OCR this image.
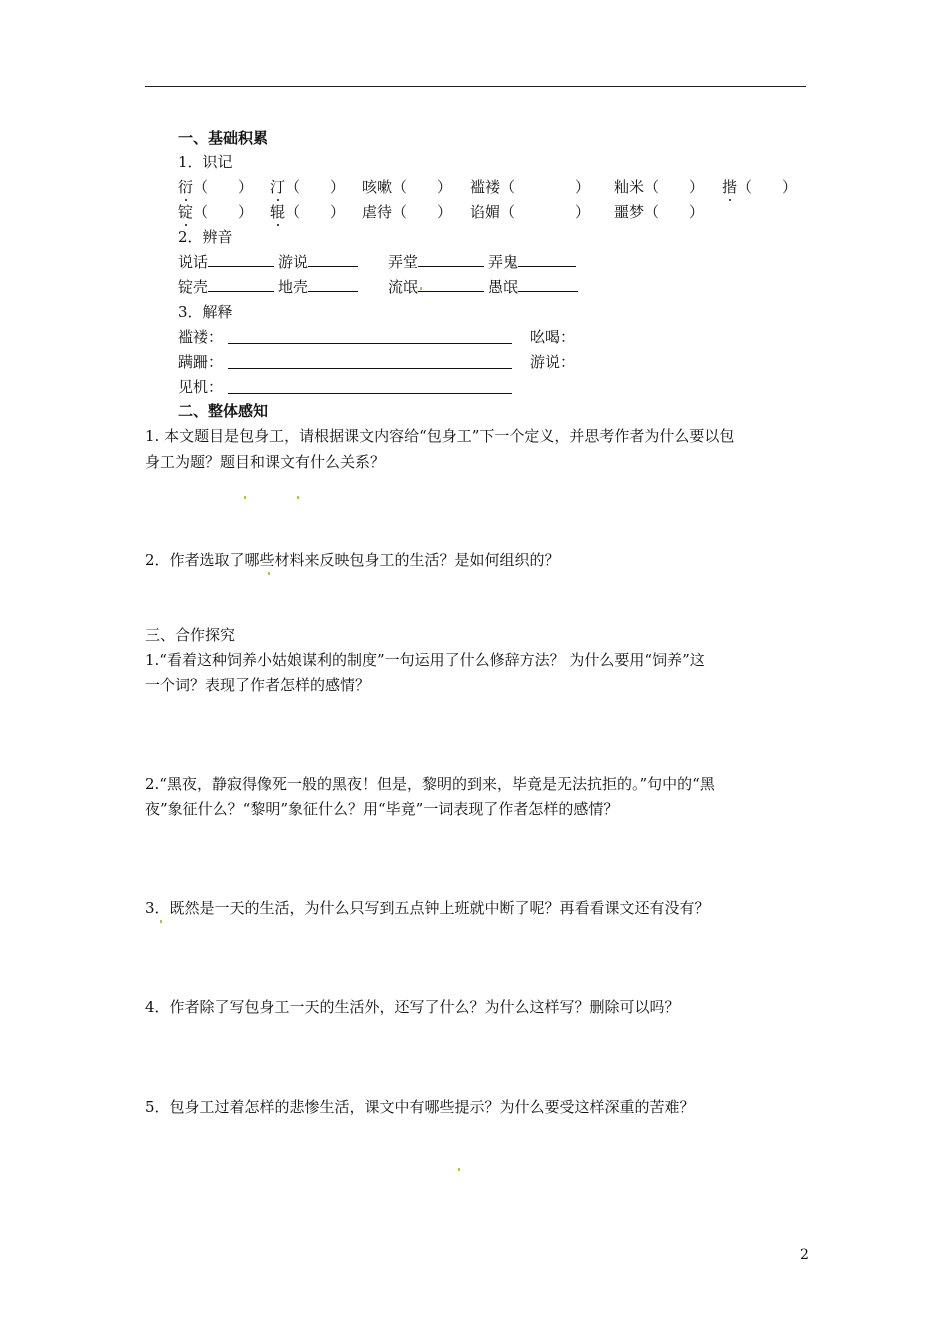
一、基础积累
1．识记
衍（　　） 汀（　　） 咳嗽（　　） 褴褛（　　　　） 籼米（　　） 揩（　　）
锭（　　） 辊（　　） 虐待（　　） 谄媚（　　　　） 噩梦（　　）
2．辨音
说话	游说	弄堂	弄鬼
锭壳	地壳	流氓	愚氓
3．解释
褴褛：	吆喝：
蹒跚：	游说：
见机：
二、整体感知
1. 本文题目是包身工，请根据课文内容给“包身工”下一个定义，并思考作者为什么要以包
身工为题？题目和课文有什么关系？
2．作者选取了哪些材料来反映包身工的生活？是如何组织的？
三、合作探究
1.“看着这种饲养小姑娘谋利的制度”一句运用了什么修辞方法？ 为什么要用“饲养”这
一个词？表现了作者怎样的感情？
2.“黑夜，静寂得像死一般的黑夜！但是，黎明的到来，毕竟是无法抗拒的。”句中的“黑
夜”象征什么？“黎明”象征什么？用“毕竟”一词表现了作者怎样的感情？
3．既然是一天的生活，为什么只写到五点钟上班就中断了呢？再看看课文还有没有？
4．作者除了写包身工一天的生活外，还写了什么？为什么这样写？删除可以吗？
5．包身工过着怎样的悲惨生活，课文中有哪些提示？为什么要受这样深重的苦难？
2
